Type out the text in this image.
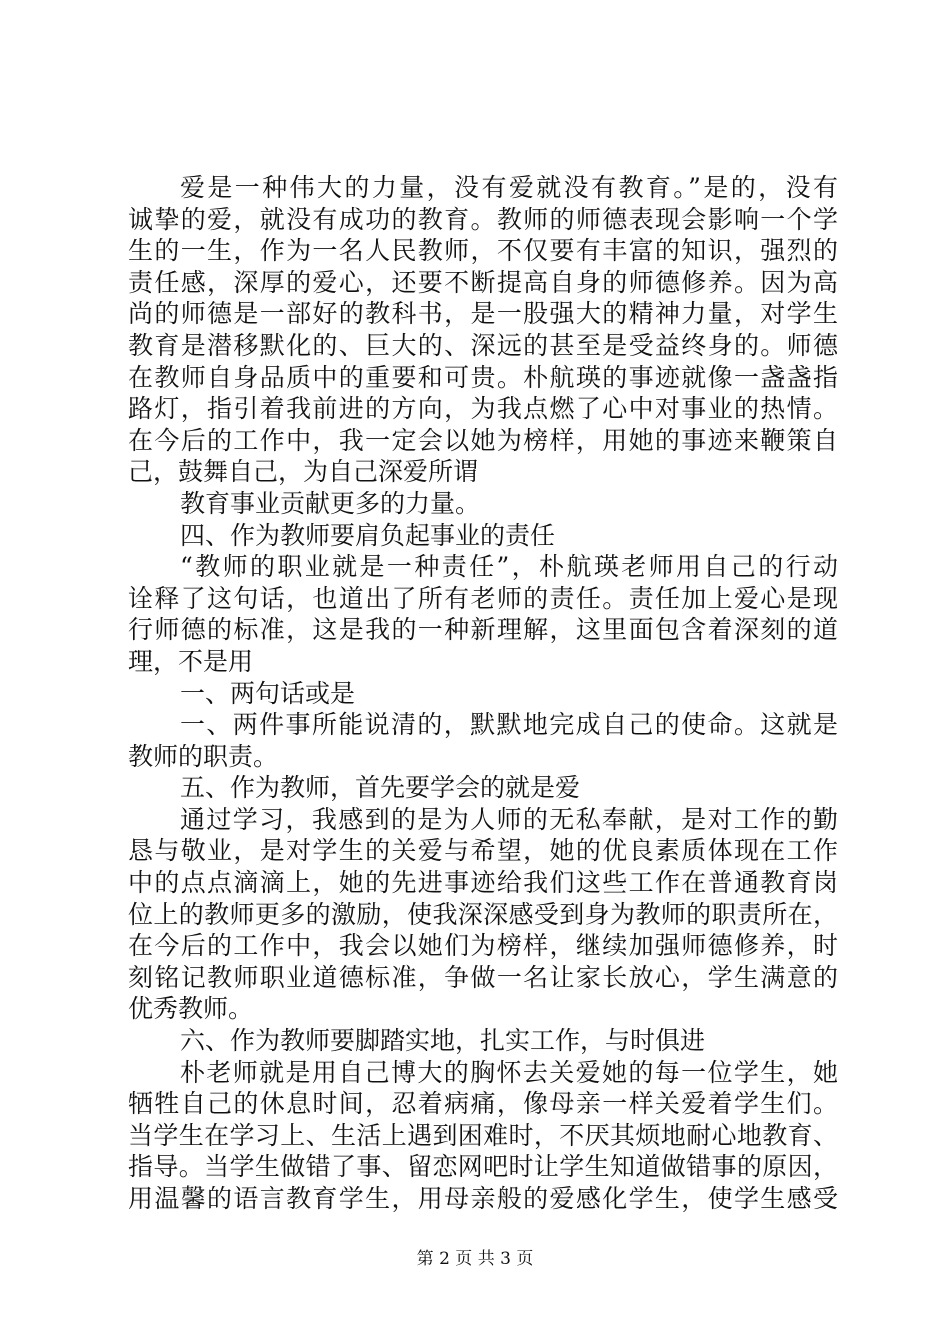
爱是一种伟大的力量，没有爱就没有教育。”是的，没有
诚挚的爱，就没有成功的教育。教师的师德表现会影响一个学
生的一生，作为一名人民教师，不仅要有丰富的知识，强烈的
责任感，深厚的爱心，还要不断提高自身的师德修养。因为高
尚的师德是一部好的教科书，是一股强大的精神力量，对学生
教育是潜移默化的、巨大的、深远的甚至是受益终身的。师德
在教师自身品质中的重要和可贵。朴航瑛的事迹就像一盏盏指
路灯，指引着我前进的方向，为我点燃了心中对事业的热情。
在今后的工作中，我一定会以她为榜样，用她的事迹来鞭策自
己，鼓舞自己，为自己深爱所谓
教育事业贡献更多的力量。
四、作为教师要肩负起事业的责任
“教师的职业就是一种责任”，朴航瑛老师用自己的行动
诠释了这句话，也道出了所有老师的责任。责任加上爱心是现
行师德的标准，这是我的一种新理解，这里面包含着深刻的道
理，不是用
一、两句话或是
一、两件事所能说清的，默默地完成自己的使命。这就是
教师的职责。
五、作为教师，首先要学会的就是爱
通过学习，我感到的是为人师的无私奉献，是对工作的勤
恳与敬业，是对学生的关爱与希望，她的优良素质体现在工作
中的点点滴滴上，她的先进事迹给我们这些工作在普通教育岗
位上的教师更多的激励，使我深深感受到身为教师的职责所在，
在今后的工作中，我会以她们为榜样，继续加强师德修养，时
刻铭记教师职业道德标准，争做一名让家长放心，学生满意的
优秀教师。
六、作为教师要脚踏实地，扎实工作，与时俱进
朴老师就是用自己博大的胸怀去关爱她的每一位学生，她
牺牲自己的休息时间，忍着病痛，像母亲一样关爱着学生们。
当学生在学习上、生活上遇到困难时，不厌其烦地耐心地教育、
指导。当学生做错了事、留恋网吧时让学生知道做错事的原因，
用温馨的语言教育学生，用母亲般的爱感化学生，使学生感受
第 2 页 共 3 页
